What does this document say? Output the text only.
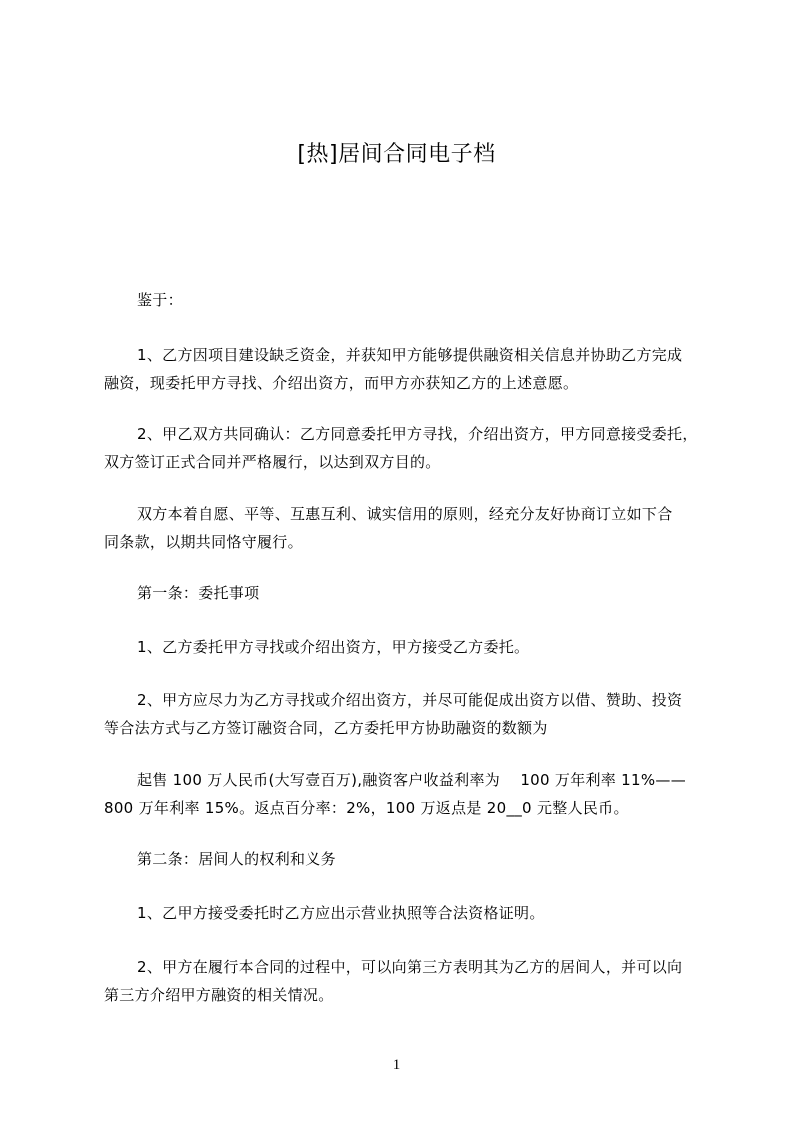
[热]居间合同电子档
鉴于：
1、乙方因项目建设缺乏资金，并获知甲方能够提供融资相关信息并协助乙方完成
融资，现委托甲方寻找、介绍出资方，而甲方亦获知乙方的上述意愿。
2、甲乙双方共同确认：乙方同意委托甲方寻找，介绍出资方，甲方同意接受委托，
双方签订正式合同并严格履行，以达到双方目的。
双方本着自愿、平等、互惠互利、诚实信用的原则，经充分友好协商订立如下合
同条款，以期共同恪守履行。
第一条：委托事项
1、乙方委托甲方寻找或介绍出资方，甲方接受乙方委托。
2、甲方应尽力为乙方寻找或介绍出资方，并尽可能促成出资方以借、赞助、投资
等合法方式与乙方签订融资合同，乙方委托甲方协助融资的数额为
起售 100 万人民币(大写壹百万),融资客户收益利率为    100 万年利率 11%——
800 万年利率 15%。返点百分率：2%，100 万返点是 20__0 元整人民币。
第二条：居间人的权利和义务
1、乙甲方接受委托时乙方应出示营业执照等合法资格证明。
2、甲方在履行本合同的过程中，可以向第三方表明其为乙方的居间人，并可以向
第三方介绍甲方融资的相关情况。
1
